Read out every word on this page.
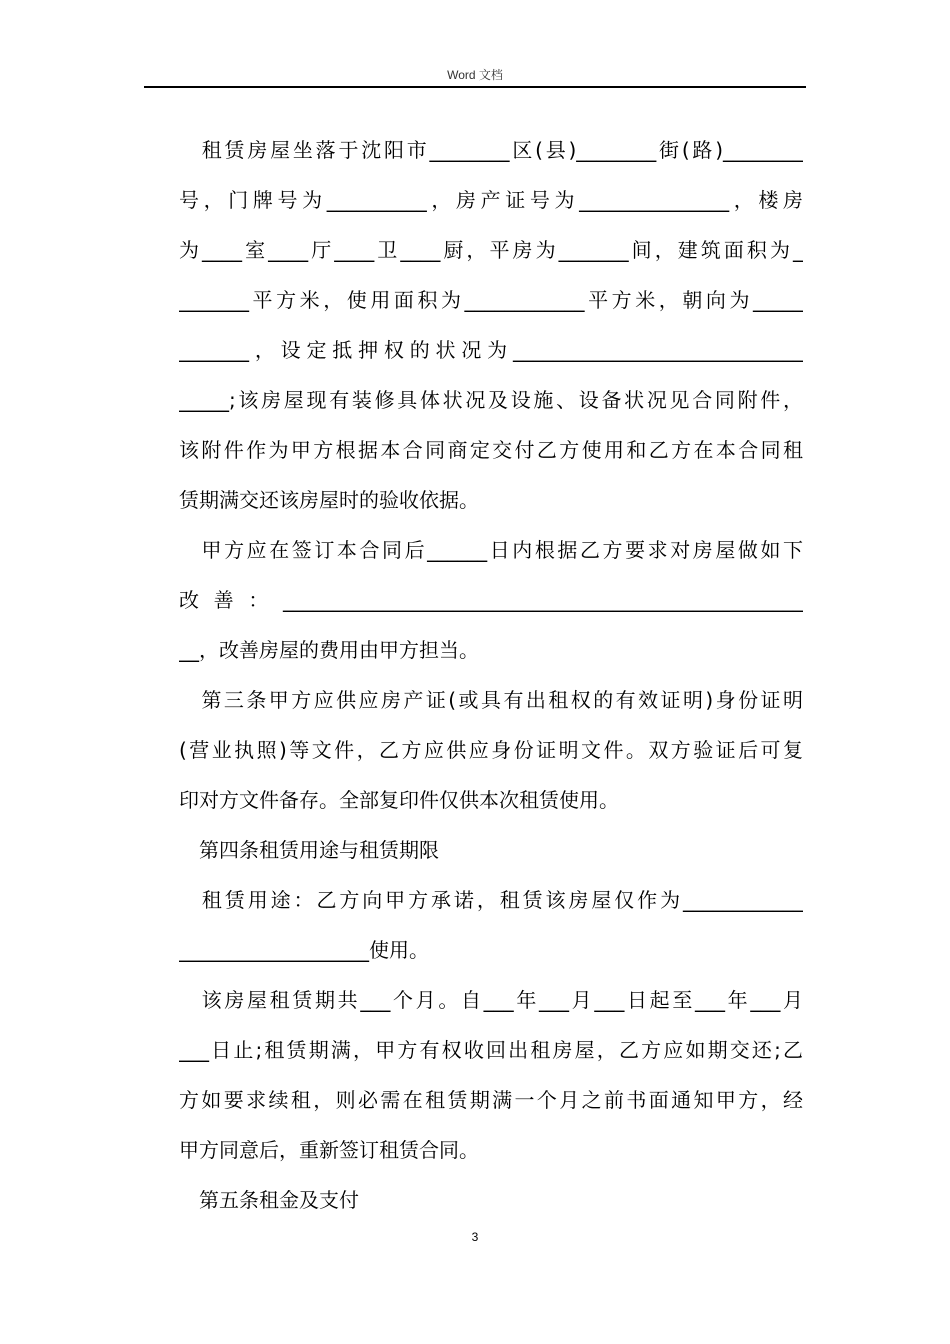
Word 文档
　租赁房屋坐落于沈阳市________区(县)________街(路)________
号，门牌号为__________，房产证号为_______________，楼房
为____室____厅____卫____厨，平房为_______间，建筑面积为_
_______平方米，使用面积为____________平方米，朝向为_____
_______，设定抵押权的状况为_____________________________
_____;该房屋现有装修具体状况及设施、设备状况见合同附件，
该附件作为甲方根据本合同商定交付乙方使用和乙方在本合同租
赁期满交还该房屋时的验收依据。
　甲方应在签订本合同后______日内根据乙方要求对房屋做如下
改善：____________________________________________________
__，改善房屋的费用由甲方担当。
　第三条甲方应供应房产证(或具有出租权的有效证明)身份证明
(营业执照)等文件，乙方应供应身份证明文件。双方验证后可复
印对方文件备存。全部复印件仅供本次租赁使用。
　第四条租赁用途与租赁期限
　租赁用途：乙方向甲方承诺，租赁该房屋仅作为____________
___________________使用。
　该房屋租赁期共___个月。自___年___月___日起至___年___月
___日止;租赁期满，甲方有权收回出租房屋，乙方应如期交还;乙
方如要求续租，则必需在租赁期满一个月之前书面通知甲方，经
甲方同意后，重新签订租赁合同。
　第五条租金及支付
3
